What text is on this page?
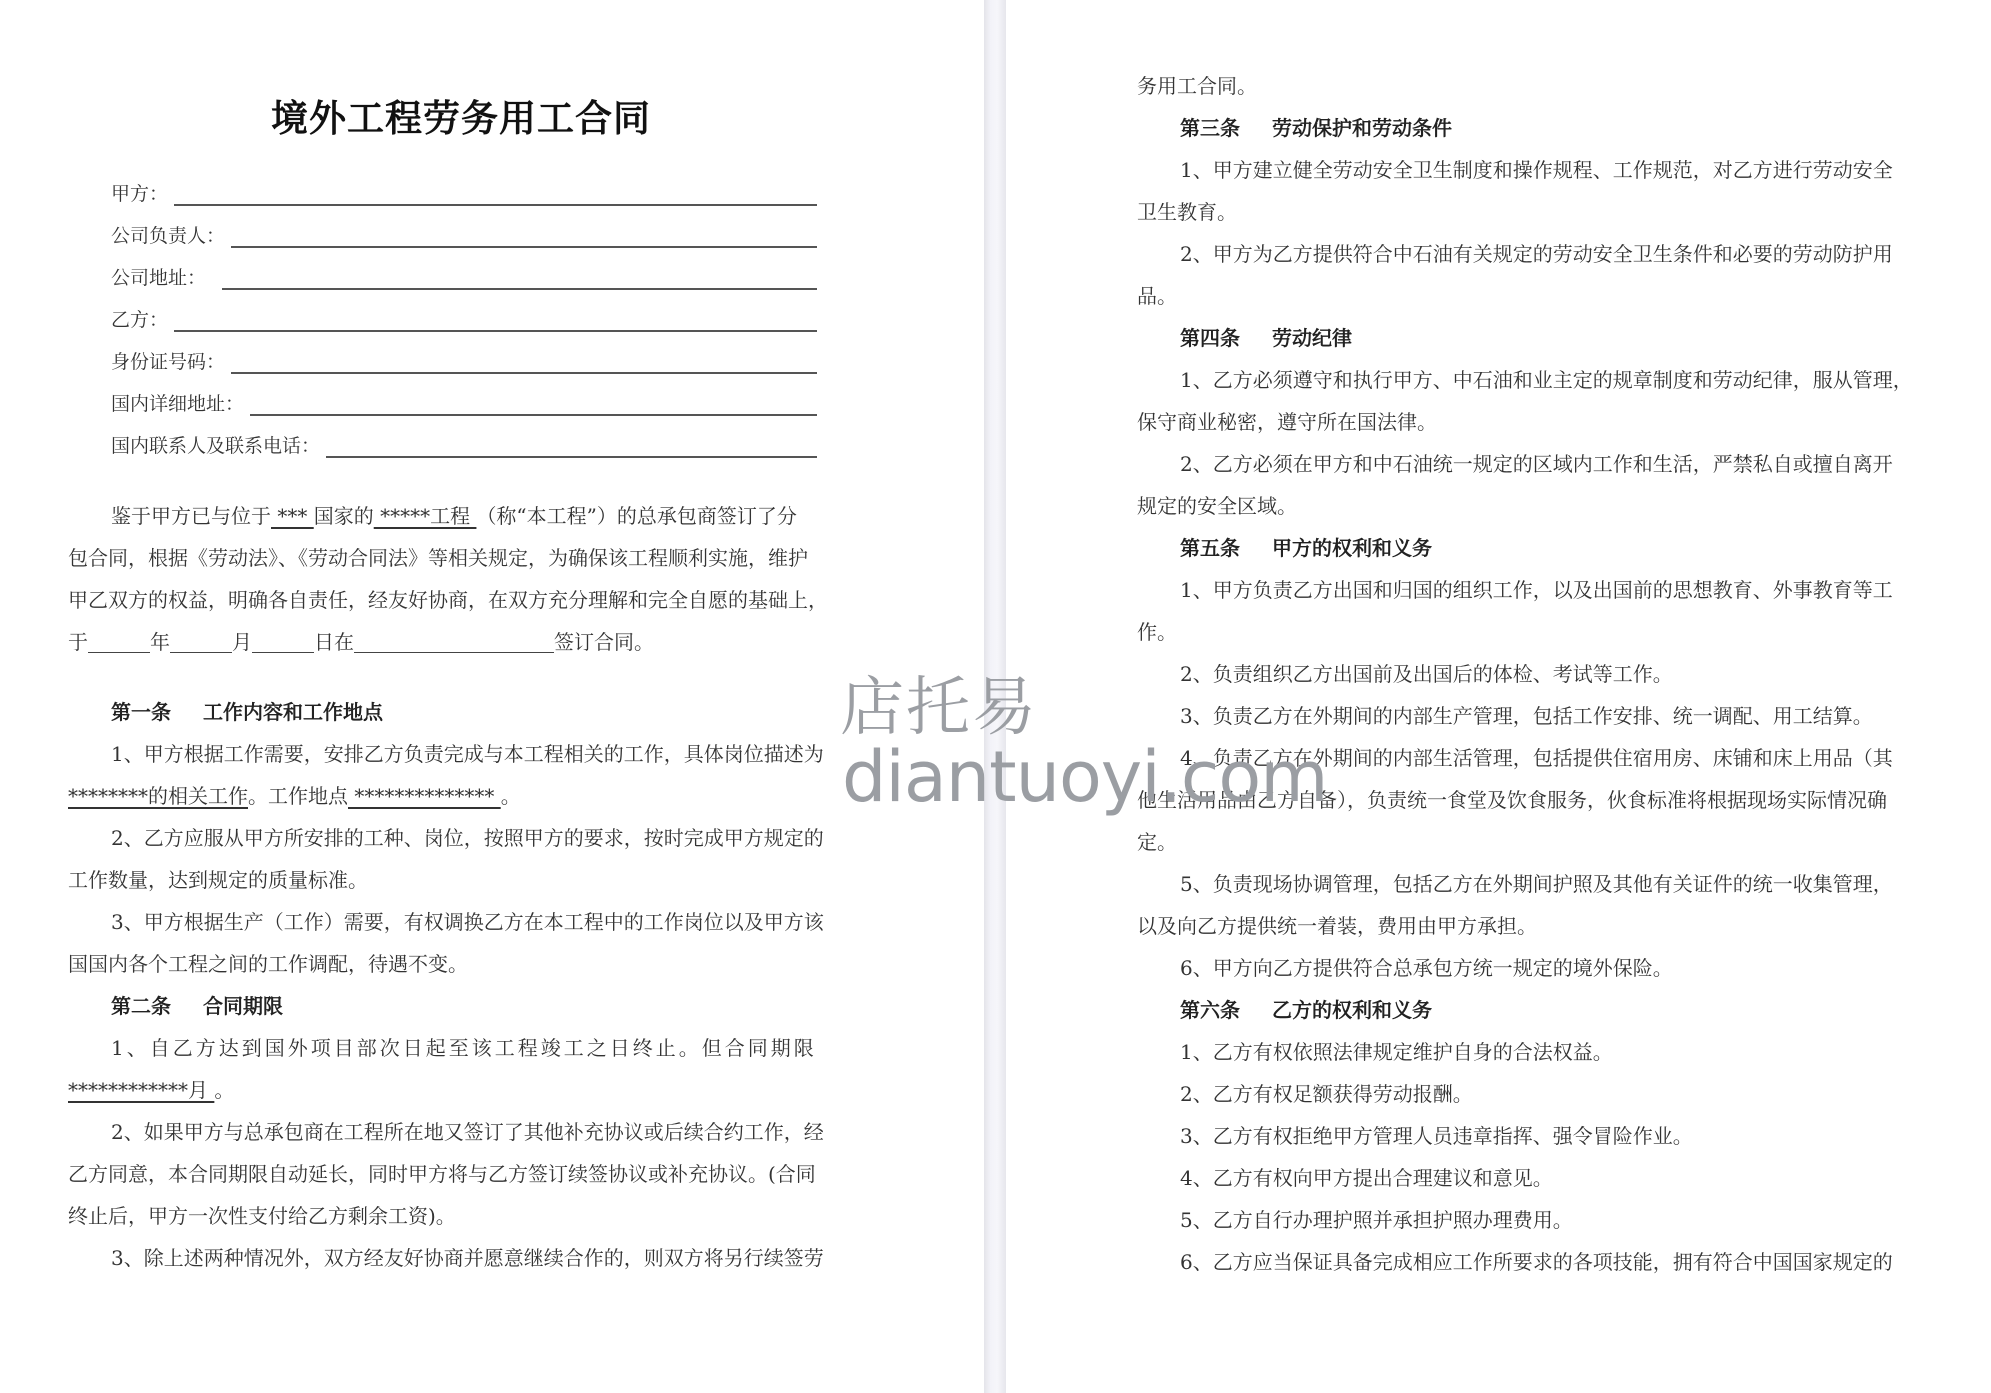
境外工程劳务用工合同
甲方：
公司负责人：
公司地址：
乙方：
身份证号码：
国内详细地址：
国内联系人及联系电话：
鉴于甲方已与位于 *** 国家的 *****工程 （称“本工程”）的总承包商签订了分
包合同，根据《劳动法》、《劳动合同法》等相关规定，为确保该工程顺利实施，维护
甲乙双方的权益，明确各自责任，经友好协商，在双方充分理解和完全自愿的基础上，
于	年	月	日在	签订合同。
第一条 工作内容和工作地点
1、甲方根据工作需要，安排乙方负责完成与本工程相关的工作，具体岗位描述为
********的相关工作。工作地点 ************** 。
2、乙方应服从甲方所安排的工种、岗位，按照甲方的要求，按时完成甲方规定的
工作数量，达到规定的质量标准。
3、甲方根据生产（工作）需要，有权调换乙方在本工程中的工作岗位以及甲方该
国国内各个工程之间的工作调配，待遇不变。
第二条 合同期限
1、自乙方达到国外项目部次日起至该工程竣工之日终止。但合同期限
************月 。
2、如果甲方与总承包商在工程所在地又签订了其他补充协议或后续合约工作，经
乙方同意，本合同期限自动延长，同时甲方将与乙方签订续签协议或补充协议。(合同
终止后，甲方一次性支付给乙方剩余工资)。
3、除上述两种情况外，双方经友好协商并愿意继续合作的，则双方将另行续签劳
务用工合同。
第三条 劳动保护和劳动条件
1、甲方建立健全劳动安全卫生制度和操作规程、工作规范，对乙方进行劳动安全
卫生教育。
2、甲方为乙方提供符合中石油有关规定的劳动安全卫生条件和必要的劳动防护用
品。
第四条 劳动纪律
1、乙方必须遵守和执行甲方、中石油和业主定的规章制度和劳动纪律，服从管理，
保守商业秘密，遵守所在国法律。
2、乙方必须在甲方和中石油统一规定的区域内工作和生活，严禁私自或擅自离开
规定的安全区域。
第五条 甲方的权利和义务
1、甲方负责乙方出国和归国的组织工作，以及出国前的思想教育、外事教育等工
作。
2、负责组织乙方出国前及出国后的体检、考试等工作。
3、负责乙方在外期间的内部生产管理，包括工作安排、统一调配、用工结算。
4、负责乙方在外期间的内部生活管理，包括提供住宿用房、床铺和床上用品（其
他生活用品由乙方自备），负责统一食堂及饮食服务，伙食标准将根据现场实际情况确
定。
5、负责现场协调管理，包括乙方在外期间护照及其他有关证件的统一收集管理，
以及向乙方提供统一着装，费用由甲方承担。
6、甲方向乙方提供符合总承包方统一规定的境外保险。
第六条 乙方的权利和义务
1、乙方有权依照法律规定维护自身的合法权益。
2、乙方有权足额获得劳动报酬。
3、乙方有权拒绝甲方管理人员违章指挥、强令冒险作业。
4、乙方有权向甲方提出合理建议和意见。
5、乙方自行办理护照并承担护照办理费用。
6、乙方应当保证具备完成相应工作所要求的各项技能，拥有符合中国国家规定的
店托易
diantuoyi.com
